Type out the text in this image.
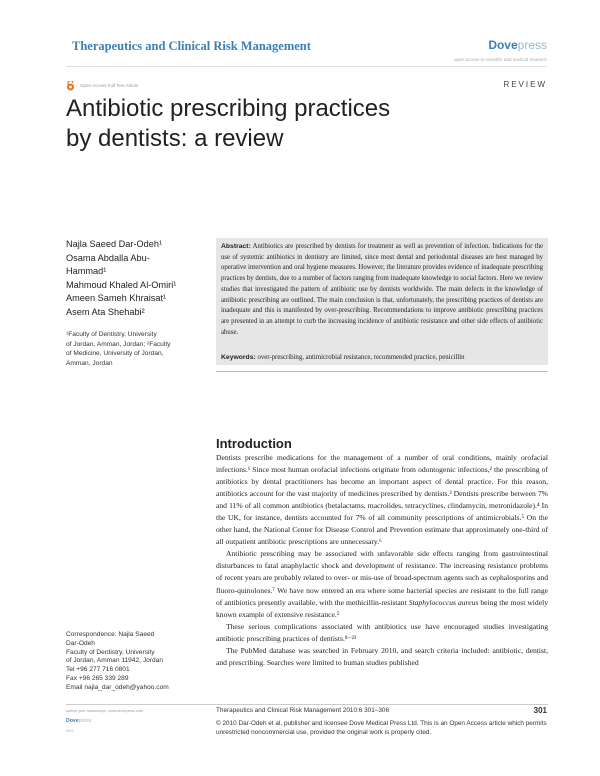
Therapeutics and Clinical Risk Management	Dovepress
open access to scientific and medical research
Open Access Full Text Article	REVIEW
Antibiotic prescribing practices
by dentists: a review
Najla Saeed Dar-Odeh¹
Osama Abdalla Abu-
Hammad¹
Mahmoud Khaled Al-Omiri¹
Ameen Sameh Khraisat¹
Asem Ata Shehabi²
¹Faculty of Dentistry, University
of Jordan, Amman, Jordan; ²Faculty
of Medicine, University of Jordan,
Amman, Jordan
Abstract: Antibiotics are prescribed by dentists for treatment as well as prevention of infection. Indications for the use of systemic antibiotics in dentistry are limited, since most dental and periodontal diseases are best managed by operative intervention and oral hygiene measures. However, the literature provides evidence of inadequate prescribing practices by dentists, due to a number of factors ranging from inadequate knowledge to social factors. Here we review studies that investigated the pattern of antibiotic use by dentists worldwide. The main defects in the knowledge of antibiotic prescribing are outlined. The main conclusion is that, unfortunately, the prescribing practices of dentists are inadequate and this is manifested by over-prescribing. Recommendations to improve antibiotic prescribing practices are presented in an attempt to curb the increasing incidence of antibiotic resistance and other side effects of antibiotic abuse.
Keywords: over-prescribing, antimicrobial resistance, recommended practice, penicillin
Introduction

Dentists prescribe medications for the management of a number of oral conditions, mainly orofacial infections.¹ Since most human orofacial infections originate from odontogenic infections,² the prescribing of antibiotics by dental practitioners has become an important aspect of dental practice. For this reason, antibiotics account for the vast majority of medicines prescribed by dentists.³ Dentists prescribe between 7% and 11% of all common antibiotics (betalactams, macrolides, tetracyclines, clindamycin, metronidazole).⁴ In the UK, for instance, dentists accounted for 7% of all community prescriptions of antimicrobials.⁵ On the other hand, the National Center for Disease Control and Prevention estimate that approximately one-third of all outpatient antibiotic prescriptions are unnecessary.⁶

Antibiotic prescribing may be associated with unfavorable side effects ranging from gastrointestinal disturbances to fatal anaphylactic shock and development of resistance. The increasing resistance problems of recent years are probably related to over- or mis-use of broad-spectrum agents such as cephalosporins and fluoro-quinolones.⁷ We have now entered an era where some bacterial species are resistant to the full range of antibiotics presently available, with the methicillin-resistant Staphylococcus aureus being the most widely known example of extensive resistance.⁵

These serious complications associated with antibiotics use have encouraged studies investigating antibiotic prescribing practices of dentists.⁸⁻²³

The PubMed database was searched in February 2010, and search criteria included: antibiotic, dentist, and prescribing. Searches were limited to human studies published

Correspondence: Najla Saeed
Dar-Odeh
Faculty of Dentistry, University
of Jordan, Amman 11942, Jordan
Tel +96 277 716 0801
Fax +96 265 339 289
Email najla_dar_odeh@yahoo.com
submit your manuscript | www.dovepress.com
Dovepress
DOI:
Therapeutics and Clinical Risk Management 2010:6 301–306	301
© 2010 Dar-Odeh et al, publisher and licensee Dove Medical Press Ltd. This is an Open Access article which permits unrestricted noncommercial use, provided the original work is properly cited.
